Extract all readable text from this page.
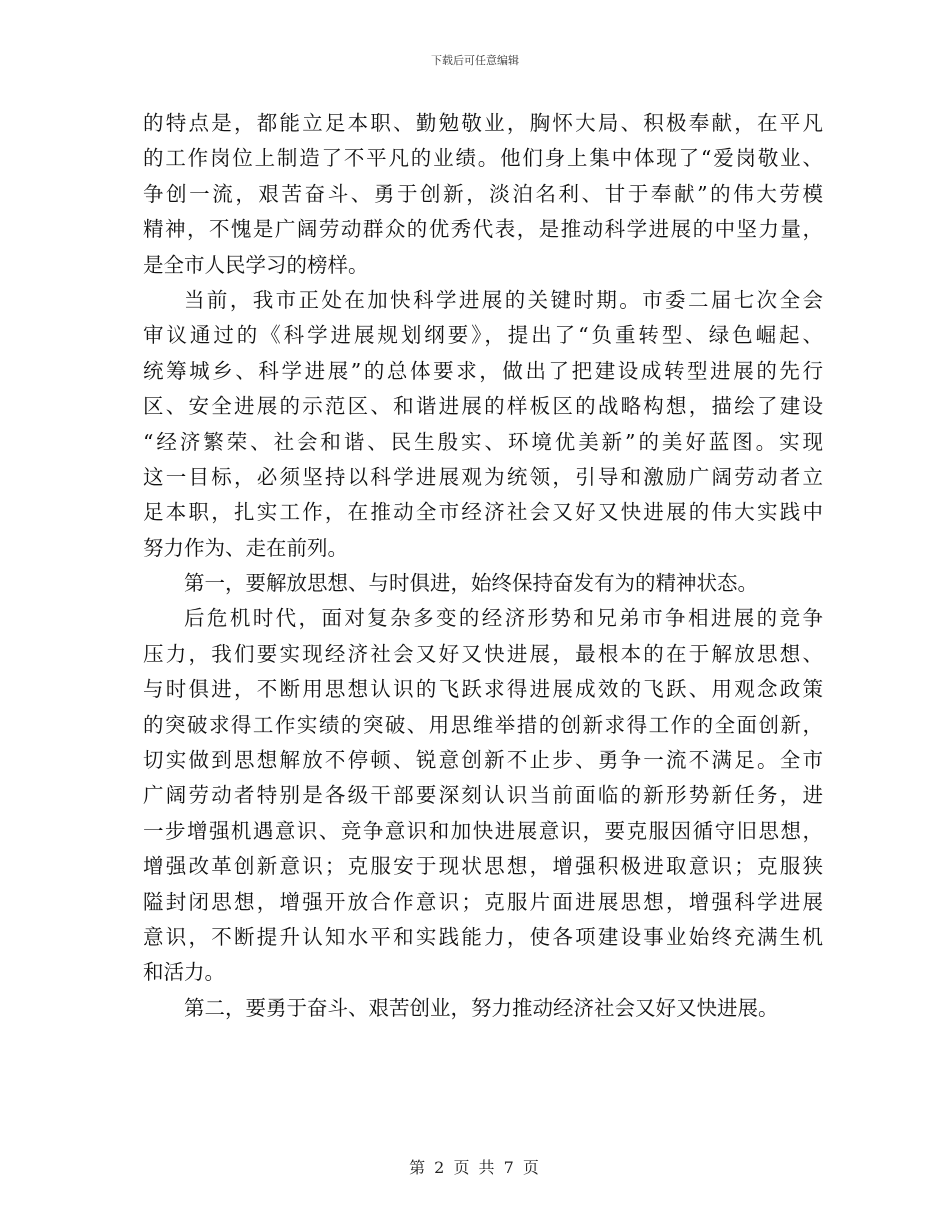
下载后可任意编辑
的特点是，都能立足本职、勤勉敬业，胸怀大局、积极奉献，在平凡
的工作岗位上制造了不平凡的业绩。他们身上集中体现了“爱岗敬业、
争创一流，艰苦奋斗、勇于创新，淡泊名利、甘于奉献”的伟大劳模
精神，不愧是广阔劳动群众的优秀代表，是推动科学进展的中坚力量，
是全市人民学习的榜样。
当前，我市正处在加快科学进展的关键时期。市委二届七次全会
审议通过的《科学进展规划纲要》，提出了“负重转型、绿色崛起、
统筹城乡、科学进展”的总体要求，做出了把建设成转型进展的先行
区、安全进展的示范区、和谐进展的样板区的战略构想，描绘了建设
“经济繁荣、社会和谐、民生殷实、环境优美新”的美好蓝图。实现
这一目标，必须坚持以科学进展观为统领，引导和激励广阔劳动者立
足本职，扎实工作，在推动全市经济社会又好又快进展的伟大实践中
努力作为、走在前列。
第一，要解放思想、与时俱进，始终保持奋发有为的精神状态。
后危机时代，面对复杂多变的经济形势和兄弟市争相进展的竞争
压力，我们要实现经济社会又好又快进展，最根本的在于解放思想、
与时俱进，不断用思想认识的飞跃求得进展成效的飞跃、用观念政策
的突破求得工作实绩的突破、用思维举措的创新求得工作的全面创新，
切实做到思想解放不停顿、锐意创新不止步、勇争一流不满足。全市
广阔劳动者特别是各级干部要深刻认识当前面临的新形势新任务，进
一步增强机遇意识、竞争意识和加快进展意识，要克服因循守旧思想，
增强改革创新意识；克服安于现状思想，增强积极进取意识；克服狭
隘封闭思想，增强开放合作意识；克服片面进展思想，增强科学进展
意识，不断提升认知水平和实践能力，使各项建设事业始终充满生机
和活力。
第二，要勇于奋斗、艰苦创业，努力推动经济社会又好又快进展。
第 2 页 共 7 页
